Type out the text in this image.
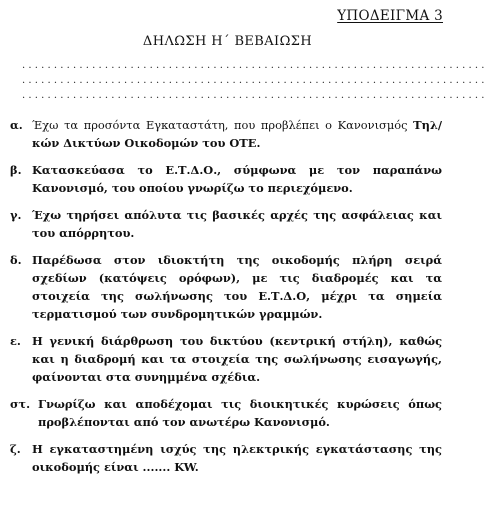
ΥΠΟΔΕΙΓΜΑ 3
ΔΗΛΩΣΗ Η΄ ΒΕΒΑΙΩΣΗ
.........................................................................
.........................................................................
.........................................................................
α. Έχω τα προσόντα Εγκαταστάτη, που προβλέπει ο Κανονισμός Τηλ/κών Δικτύων Οικοδομών του ΟΤΕ.
β. Κατασκεύασα το Ε.Τ.Δ.Ο., σύμφωνα με τον παραπάνω Κανονισμό, του οποίου γνωρίζω το περιεχόμενο.
γ. Έχω τηρήσει απόλυτα τις βασικές αρχές της ασφάλειας και του απόρρητου.
δ. Παρέδωσα στον ιδιοκτήτη της οικοδομής πλήρη σειρά σχεδίων (κατόψεις ορόφων), με τις διαδρομές και τα στοιχεία της σωλήνωσης του Ε.Τ.Δ.Ο, μέχρι τα σημεία τερματισμού των συνδρομητικών γραμμών.
ε. Η γενική διάρθρωση του δικτύου (κεντρική στήλη), καθώς και η διαδρομή και τα στοιχεία της σωλήνωσης εισαγωγής, φαίνονται στα συνημμένα σχέδια.
στ. Γνωρίζω και αποδέχομαι τις διοικητικές κυρώσεις όπως προβλέπονται από τον ανωτέρω Κανονισμό.
ζ. Η εγκαταστημένη ισχύς της ηλεκτρικής εγκατάστασης της οικοδομής είναι ....... KW.
